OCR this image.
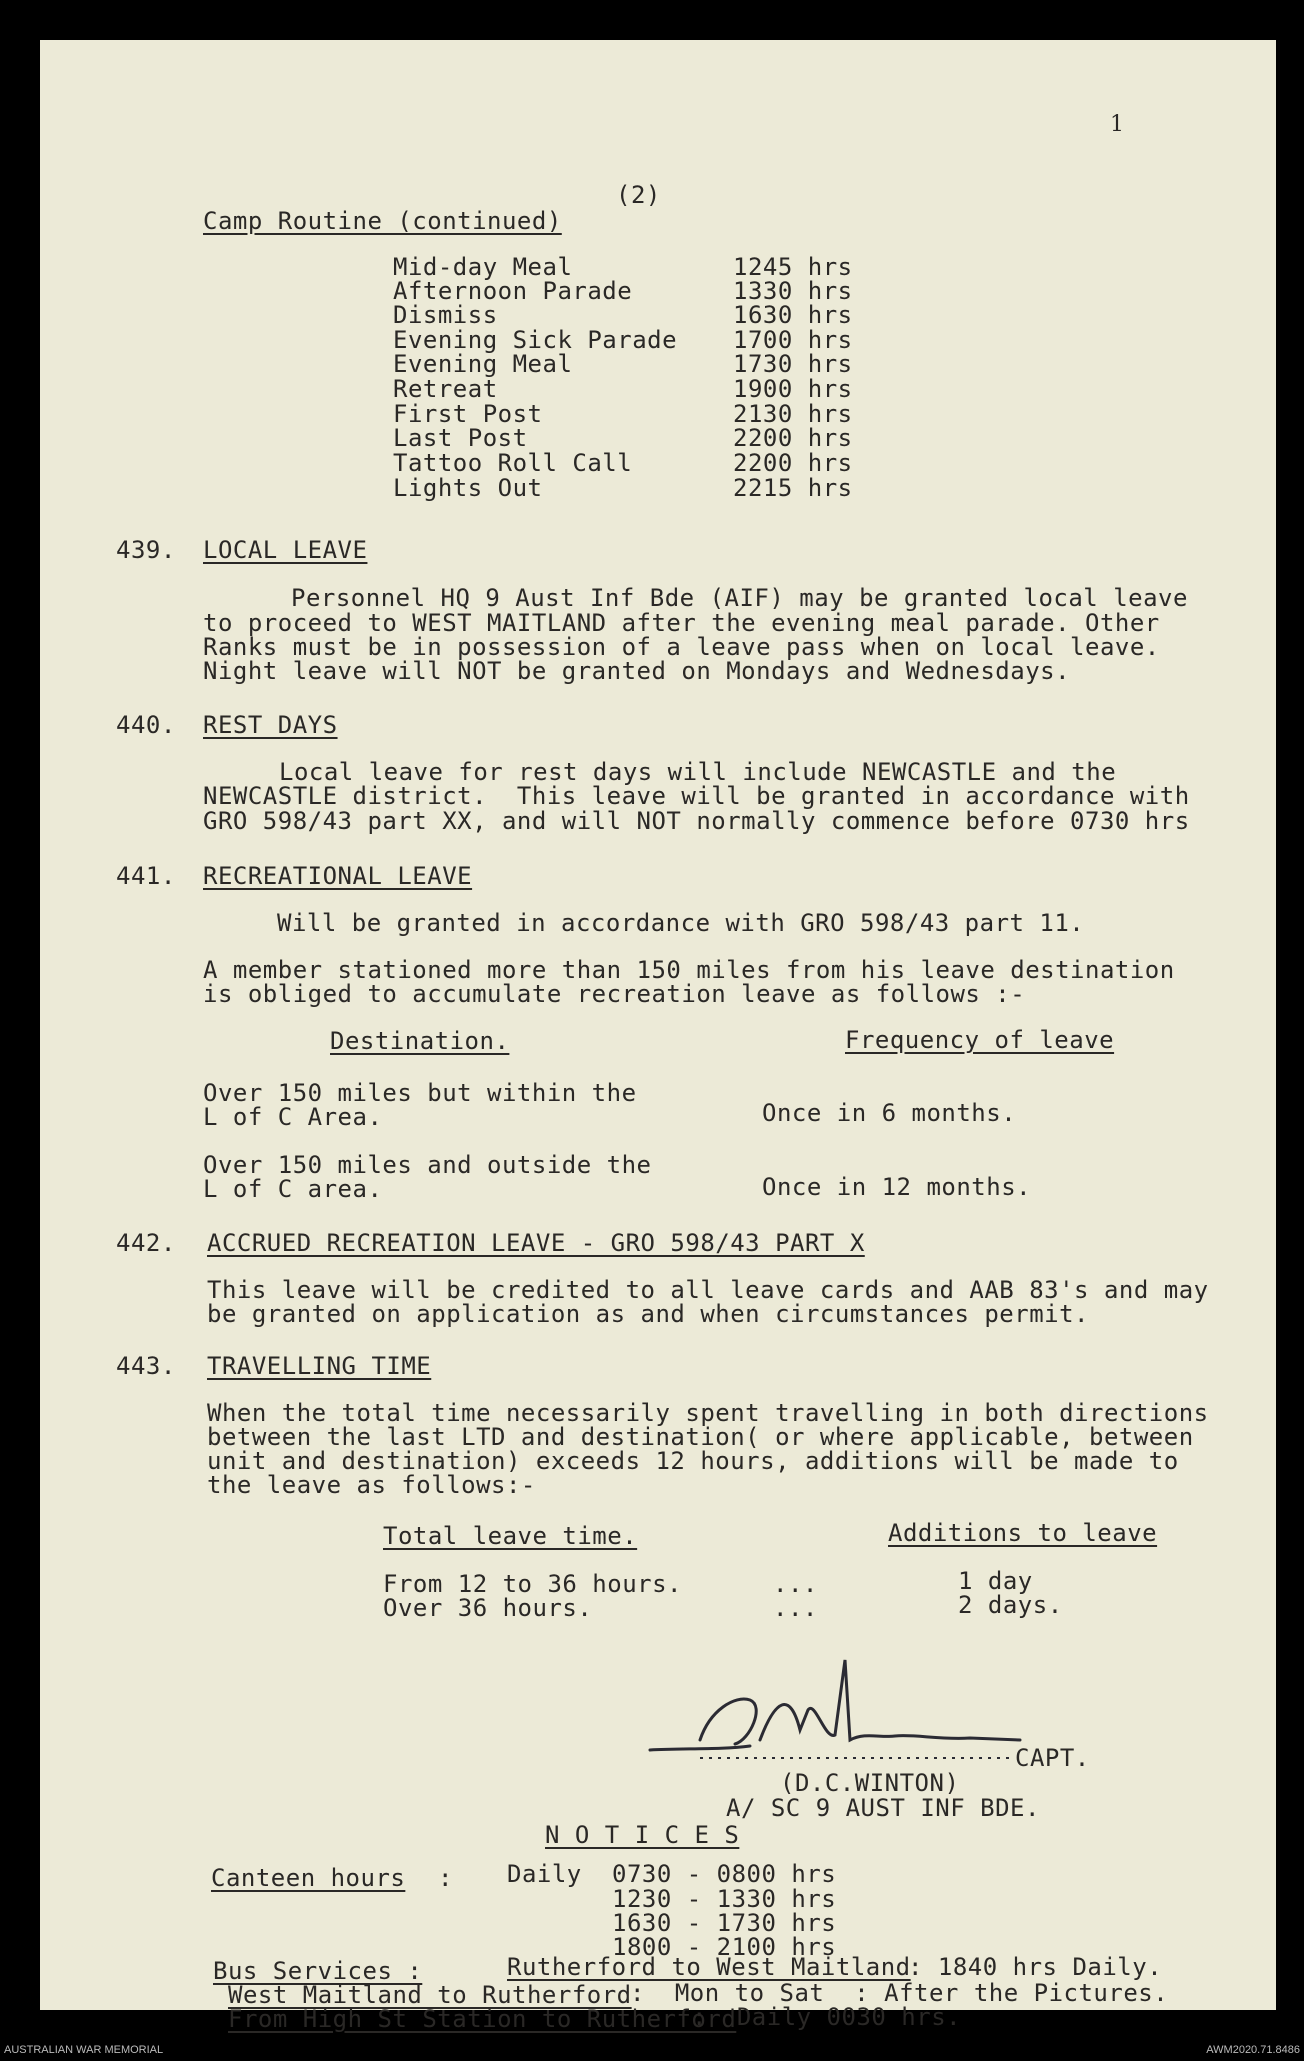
1
(2)
Camp Routine (continued)
Mid-day Meal	1245 hrs
Afternoon Parade	1330 hrs
Dismiss	1630 hrs
Evening Sick Parade 1700 hrs
Evening Meal	1730 hrs
Retreat	1900 hrs
First Post	2130 hrs
Last Post	2200 hrs
Tattoo Roll Call	2200 hrs
Lights Out	2215 hrs
439. LOCAL LEAVE
Personnel HQ 9 Aust Inf Bde (AIF) may be granted local leave
to proceed to WEST MAITLAND after the evening meal parade. Other
Ranks must be in possession of a leave pass when on local leave.
Night leave will NOT be granted on Mondays and Wednesdays.
440. REST DAYS
Local leave for rest days will include NEWCASTLE and the
NEWCASTLE district.  This leave will be granted in accordance with
GRO 598/43 part XX, and will NOT normally commence before 0730 hrs
441. RECREATIONAL LEAVE
Will be granted in accordance with GRO 598/43 part 11.
A member stationed more than 150 miles from his leave destination
is obliged to accumulate recreation leave as follows :-
Destination.	Frequency of leave
Over 150 miles but within the
L of C Area.	Once in 6 months.
Over 150 miles and outside the
L of C area.	Once in 12 months.
442. ACCRUED RECREATION LEAVE - GRO 598/43 PART X
This leave will be credited to all leave cards and AAB 83's and may
be granted on application as and when circumstances permit.
443. TRAVELLING TIME
When the total time necessarily spent travelling in both directions
between the last LTD and destination( or where applicable, between
unit and destination) exceeds 12 hours, additions will be made to
the leave as follows:-
Total leave time.	Additions to leave
From 12 to 36 hours.	...	1 day
Over 36 hours.	...	2 days.
CAPT.
(D.C.WINTON)
A/ SC 9 AUST INF BDE.
N O T I C E S
Canteen hours : Daily 0730 - 0800 hrs
1230 - 1330 hrs
1630 - 1730 hrs
1800 - 2100 hrs
Bus Services :	Rutherford to West Maitland
: 1840 hrs Daily.
West Maitland to Rutherford
:  Mon to Sat  : After the Pictures.
From High St Station to Rutherford
:  Daily 0030 hrs.
AUSTRALIAN WAR MEMORIAL	AWM2020.71.8486
